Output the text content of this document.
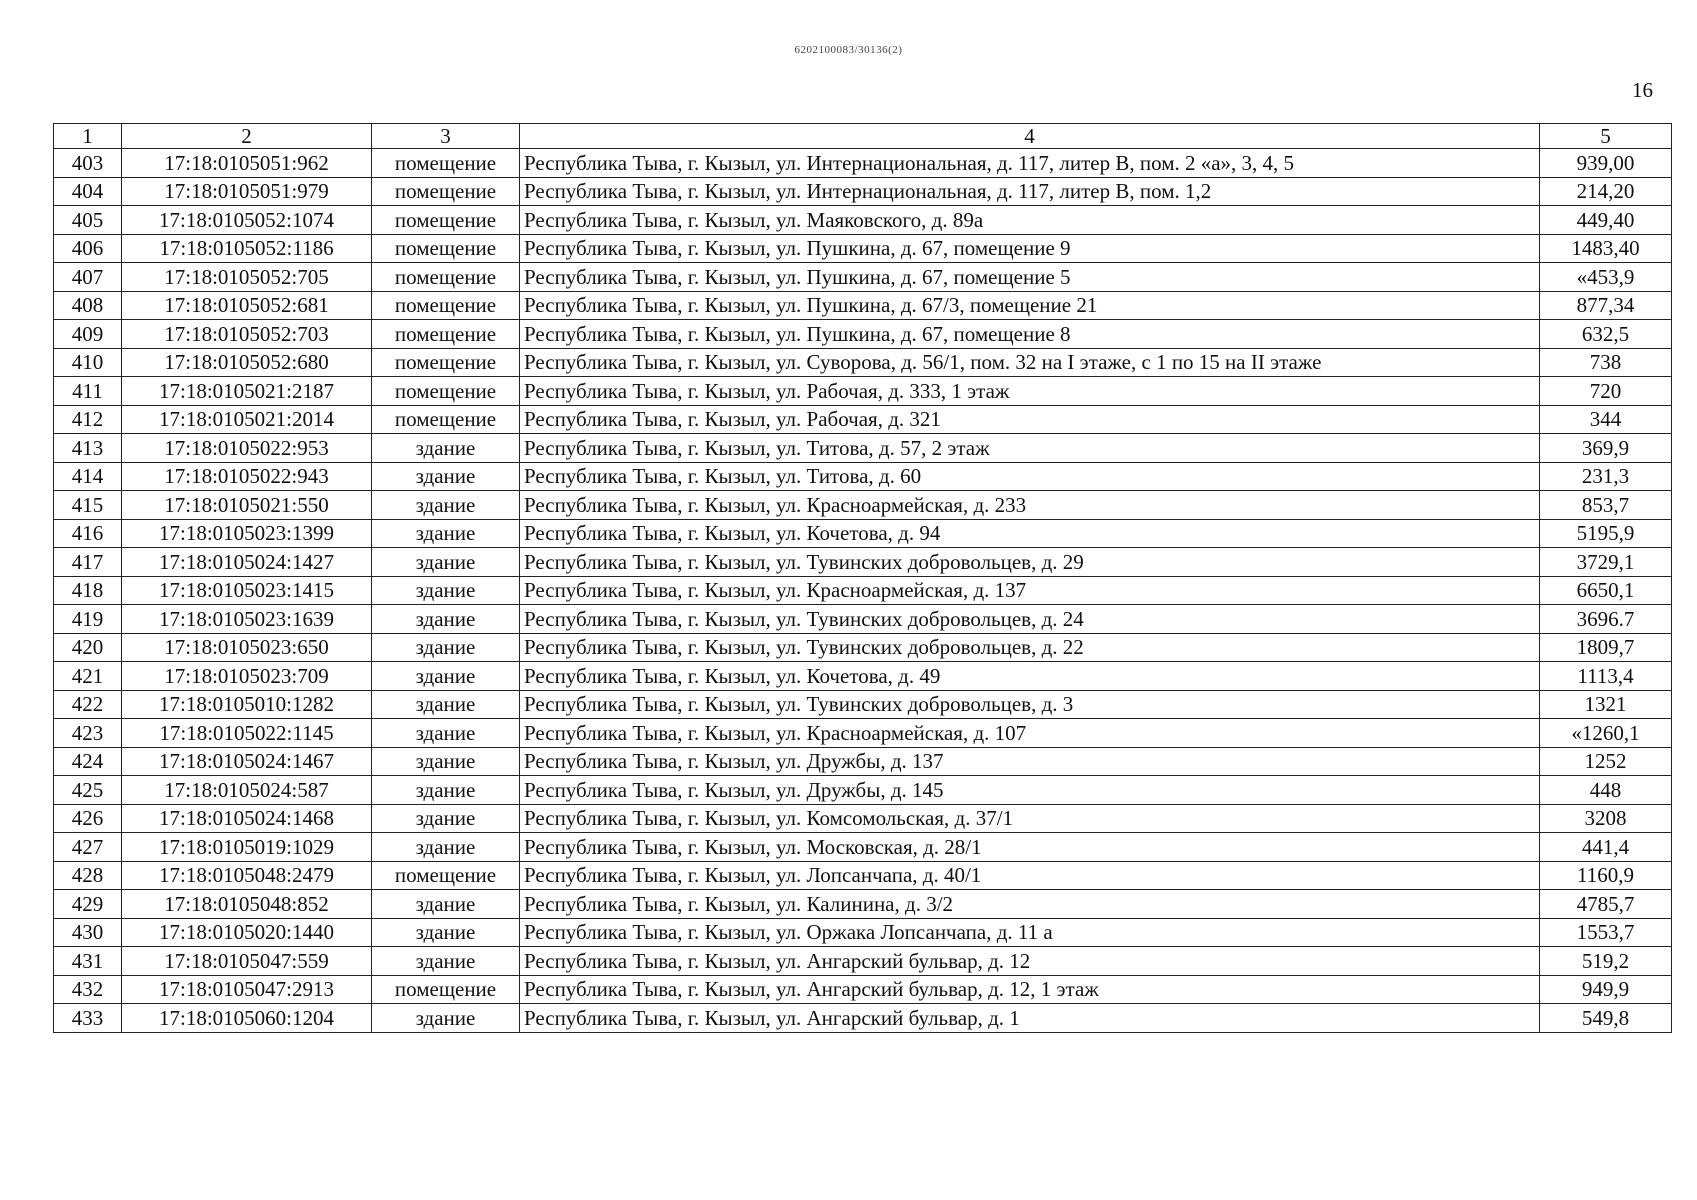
6202100083/30136(2)
16
1	2	3	4	5
403	17:18:0105051:962	помещение	Республика Тыва, г. Кызыл, ул. Интернациональная, д. 117, литер В, пом. 2 «а», 3, 4, 5	939,00
404	17:18:0105051:979	помещение	Республика Тыва, г. Кызыл, ул. Интернациональная, д. 117, литер В, пом. 1,2	214,20
405	17:18:0105052:1074	помещение	Республика Тыва, г. Кызыл, ул. Маяковского, д. 89а	449,40
406	17:18:0105052:1186	помещение	Республика Тыва, г. Кызыл, ул. Пушкина, д. 67, помещение 9	1483,40
407	17:18:0105052:705	помещение	Республика Тыва, г. Кызыл, ул. Пушкина, д. 67, помещение 5	«453,9
408	17:18:0105052:681	помещение	Республика Тыва, г. Кызыл, ул. Пушкина, д. 67/3, помещение 21	877,34
409	17:18:0105052:703	помещение	Республика Тыва, г. Кызыл, ул. Пушкина, д. 67, помещение 8	632,5
410	17:18:0105052:680	помещение	Республика Тыва, г. Кызыл, ул. Суворова, д. 56/1, пом. 32 на I этаже, с 1 по 15 на II этаже	738
411	17:18:0105021:2187	помещение	Республика Тыва, г. Кызыл, ул. Рабочая, д. 333, 1 этаж	720
412	17:18:0105021:2014	помещение	Республика Тыва, г. Кызыл, ул. Рабочая, д. 321	344
413	17:18:0105022:953	здание	Республика Тыва, г. Кызыл, ул. Титова, д. 57, 2 этаж	369,9
414	17:18:0105022:943	здание	Республика Тыва, г. Кызыл, ул. Титова, д. 60	231,3
415	17:18:0105021:550	здание	Республика Тыва, г. Кызыл, ул. Красноармейская, д. 233	853,7
416	17:18:0105023:1399	здание	Республика Тыва, г. Кызыл, ул. Кочетова, д. 94	5195,9
417	17:18:0105024:1427	здание	Республика Тыва, г. Кызыл, ул. Тувинских добровольцев, д. 29	3729,1
418	17:18:0105023:1415	здание	Республика Тыва, г. Кызыл, ул. Красноармейская, д. 137	6650,1
419	17:18:0105023:1639	здание	Республика Тыва, г. Кызыл, ул. Тувинских добровольцев, д. 24	3696.7
420	17:18:0105023:650	здание	Республика Тыва, г. Кызыл, ул. Тувинских добровольцев, д. 22	1809,7
421	17:18:0105023:709	здание	Республика Тыва, г. Кызыл, ул. Кочетова, д. 49	1113,4
422	17:18:0105010:1282	здание	Республика Тыва, г. Кызыл, ул. Тувинских добровольцев, д. 3	1321
423	17:18:0105022:1145	здание	Республика Тыва, г. Кызыл, ул. Красноармейская, д. 107	«1260,1
424	17:18:0105024:1467	здание	Республика Тыва, г. Кызыл, ул. Дружбы, д. 137	1252
425	17:18:0105024:587	здание	Республика Тыва, г. Кызыл, ул. Дружбы, д. 145	448
426	17:18:0105024:1468	здание	Республика Тыва, г. Кызыл, ул. Комсомольская, д. 37/1	3208
427	17:18:0105019:1029	здание	Республика Тыва, г. Кызыл, ул. Московская, д. 28/1	441,4
428	17:18:0105048:2479	помещение	Республика Тыва, г. Кызыл, ул. Лопсанчапа, д. 40/1	1160,9
429	17:18:0105048:852	здание	Республика Тыва, г. Кызыл, ул. Калинина, д. 3/2	4785,7
430	17:18:0105020:1440	здание	Республика Тыва, г. Кызыл, ул. Оржака Лопсанчапа, д. 11 а	1553,7
431	17:18:0105047:559	здание	Республика Тыва, г. Кызыл, ул. Ангарский бульвар, д. 12	519,2
432	17:18:0105047:2913	помещение	Республика Тыва, г. Кызыл, ул. Ангарский бульвар, д. 12, 1 этаж	949,9
433	17:18:0105060:1204	здание	Республика Тыва, г. Кызыл, ул. Ангарский бульвар, д. 1	549,8
